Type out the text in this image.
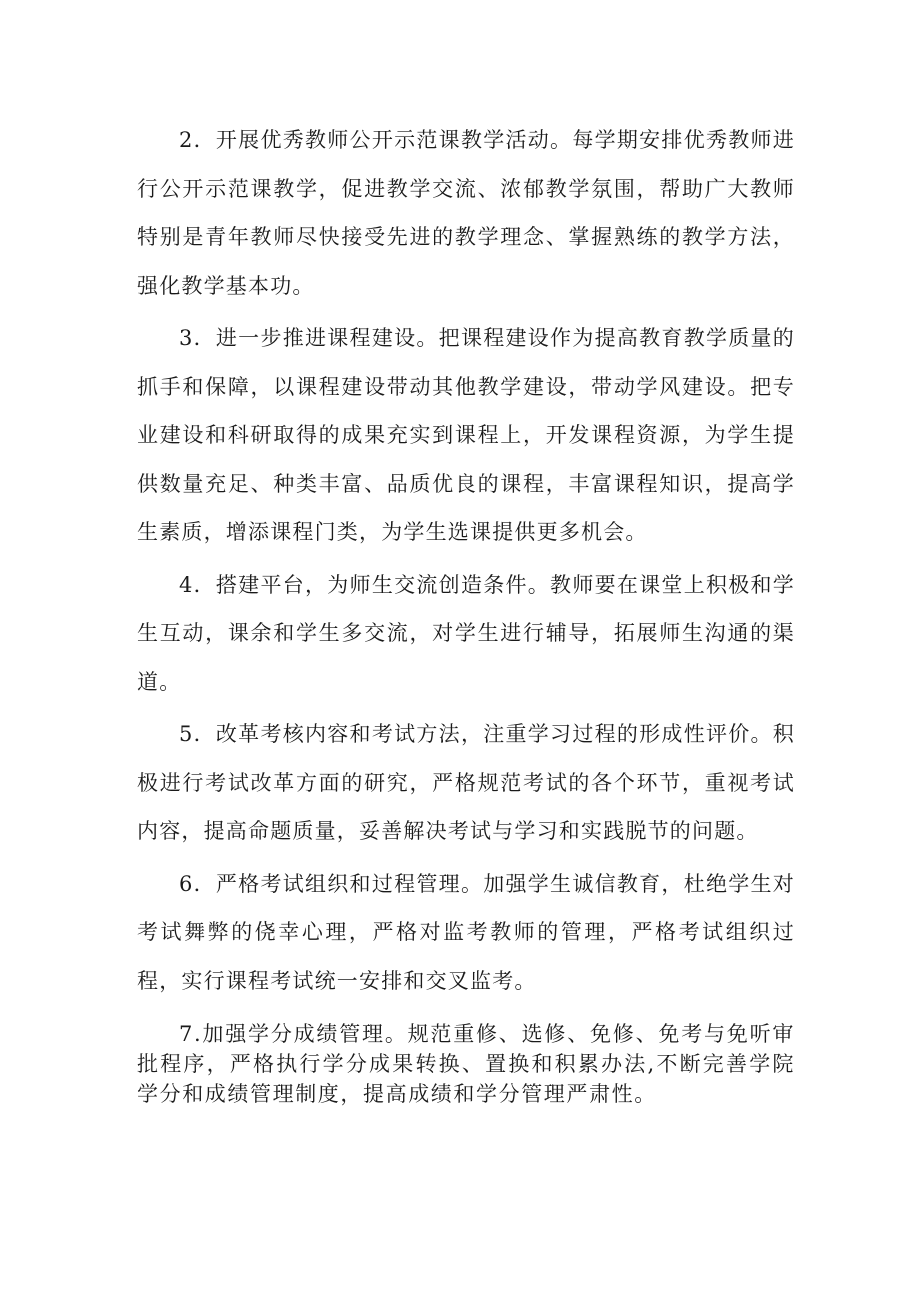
2．开展优秀教师公开示范课教学活动。每学期安排优秀教师进行公开示范课教学，促进教学交流、浓郁教学氛围，帮助广大教师特别是青年教师尽快接受先进的教学理念、掌握熟练的教学方法，强化教学基本功。

3．进一步推进课程建设。把课程建设作为提高教育教学质量的抓手和保障，以课程建设带动其他教学建设，带动学风建设。把专业建设和科研取得的成果充实到课程上，开发课程资源，为学生提供数量充足、种类丰富、品质优良的课程，丰富课程知识，提高学生素质，增添课程门类，为学生选课提供更多机会。

4．搭建平台，为师生交流创造条件。教师要在课堂上积极和学生互动，课余和学生多交流，对学生进行辅导，拓展师生沟通的渠道。

5．改革考核内容和考试方法，注重学习过程的形成性评价。积极进行考试改革方面的研究，严格规范考试的各个环节，重视考试内容，提高命题质量，妥善解决考试与学习和实践脱节的问题。

6．严格考试组织和过程管理。加强学生诚信教育，杜绝学生对考试舞弊的侥幸心理，严格对监考教师的管理，严格考试组织过程，实行课程考试统一安排和交叉监考。

7.加强学分成绩管理。规范重修、选修、免修、免考与免听审批程序，严格执行学分成果转换、置换和积累办法,不断完善学院学分和成绩管理制度，提高成绩和学分管理严肃性。
